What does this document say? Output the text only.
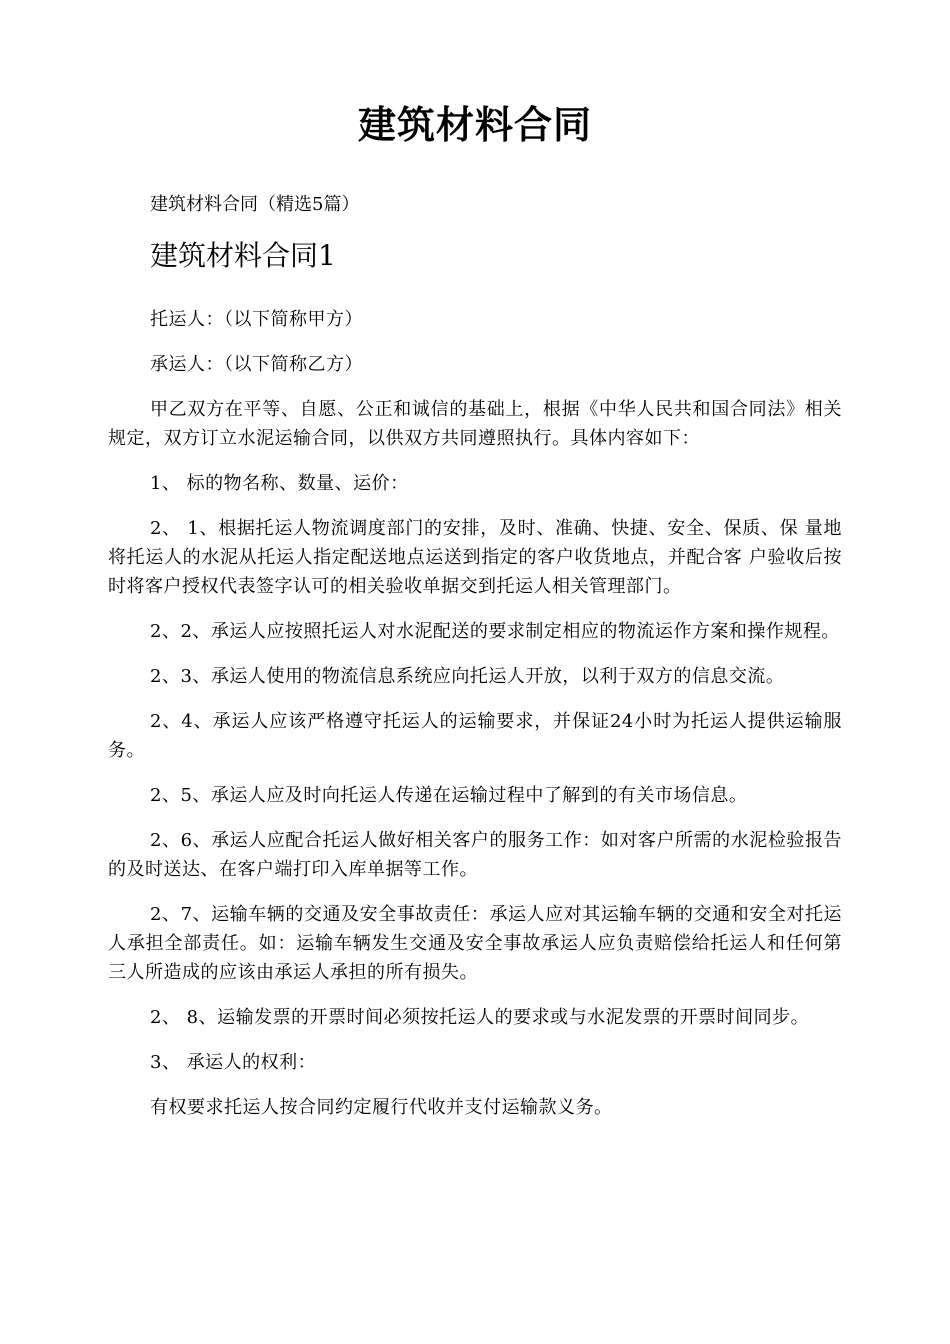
建筑材料合同
建筑材料合同（精选5篇）
建筑材料合同1

托运人：（以下简称甲方）

承运人：（以下简称乙方）

甲乙双方在平等、自愿、公正和诚信的基础上，根据《中华人民共和国合同法》相关规定，双方订立水泥运输合同，以供双方共同遵照执行。具体内容如下：

1、 标的物名称、数量、运价：

2、 1、根据托运人物流调度部门的安排，及时、准确、快捷、安全、保质、保 量地将托运人的水泥从托运人指定配送地点运送到指定的客户收货地点，并配合客 户验收后按时将客户授权代表签字认可的相关验收单据交到托运人相关管理部门。

2、2、承运人应按照托运人对水泥配送的要求制定相应的物流运作方案和操作规程。

2、3、承运人使用的物流信息系统应向托运人开放，以利于双方的信息交流。

2、4、承运人应该严格遵守托运人的运输要求，并保证24小时为托运人提供运输服务。

2、5、承运人应及时向托运人传递在运输过程中了解到的有关市场信息。

2、6、承运人应配合托运人做好相关客户的服务工作：如对客户所需的水泥检验报告的及时送达、在客户端打印入库单据等工作。

2、7、运输车辆的交通及安全事故责任：承运人应对其运输车辆的交通和安全对托运人承担全部责任。如：运输车辆发生交通及安全事故承运人应负责赔偿给托运人和任何第三人所造成的应该由承运人承担的所有损失。

2、 8、运输发票的开票时间必须按托运人的要求或与水泥发票的开票时间同步。

3、 承运人的权利：

有权要求托运人按合同约定履行代收并支付运输款义务。
